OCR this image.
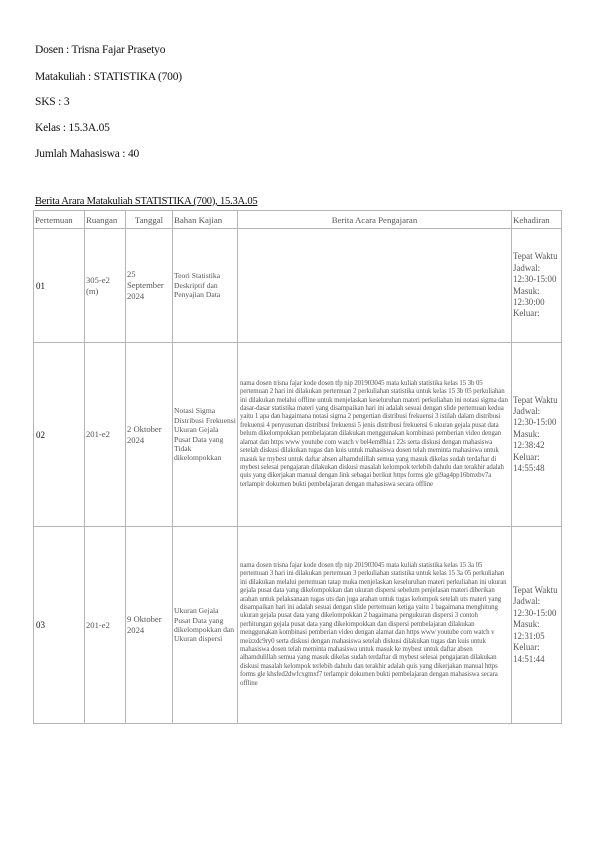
Dosen : Trisna Fajar Prasetyo
Matakuliah : STATISTIKA (700)
SKS : 3
Kelas : 15.3A.05
Jumlah Mahasiswa : 40
Berita Arara Matakuliah STATISTIKA (700), 15.3A.05
Pertemuan	Ruangan	Tanggal	Bahan Kajian	Berita Acara Pengajaran	Kehadiran
01	305-e2 (m)	25 September 2024	Teori Statistika Deskriptif dan Penyajian Data		Tepat Waktu Jadwal: 12:30-15:00 Masuk: 12:30:00 Keluar:
02	201-e2	2 Oktober 2024	Notasi Sigma Distribusi Frekuensi Ukuran Gejala Pusat Data yang Tidak dikelompokkan	nama dosen trisna fajar kode dosen tfp nip 201903045 mata kuliah statistika kelas 15 3b 05 pertemuan 2 hari ini dilakukan pertemuan 2 perkuliahan statistika untuk kelas 15 3b 05 perkuliahan ini dilakukan melalui offline untuk menjelaskan keseluruhan materi perkuliahan ini notasi sigma dan dasar-dasar statistika materi yang disampaikan hari ini adalah sesuai dengan slide pertemuan kedua yaitu 1 apa dan bagaimana notasi sigma 2 pengertian distribusi frekuensi 3 istilah dalam distribusi frekuensi 4 penyusunan distribusi frekuensi 5 jenis distribusi frekuensi 6 ukuran gejala pusat data belum dikelompokkan pembelajaran dilakukan menggunakan kombinasi pemberian video dengan alamat dan https www youtube com watch v bel4em8hia t 22s serta diskusi dengan mahasiswa setelah diskusi dilakukan tugas dan kuis untuk mahasiswa dosen telah meminta mahasiswa untuk masuk ke mybest untuk daftar absen alhamdulillah semua yang masuk dikelas sudah terdaftar di mybest selesai pengajaran dilakukan diskusi masalah kelompok terlebih dahulu dan terakhir adalah quis yang dikerjakan manual dengan link sebagai berikut https forms gle gi9ag4pp16bmxbv7a terlampir dokumen bukti pembelajaran dengan mahasiswa secara offline	Tepat Waktu Jadwal: 12:30-15:00 Masuk: 12:38:42 Keluar: 14:55:48
03	201-e2	9 Oktober 2024	Ukuran Gejala Pusat Data yang dikelompokkan dan Ukuran dispersi	nama dosen trisna fajar kode dosen tfp nip 201903045 mata kuliah statistika kelas 15 3a 05 pertemuan 3 hari ini dilakukan pertemuan 3 perkuliahan statistika untuk kelas 15 3a 05 perkuliahan ini dilakukan melalui pertemuan tatap muka menjelaskan keseluruhan materi perkuliahan ini ukuran gejala pusat data yang dikelompokkan dan ukuran dispersi sebelum penjelasan materi diberikan arahan untuk pelaksanaan tugas uts dan juga arahan untuk tugas kelompok setelah uts materi yang disampaikan hari ini adalah sesuai dengan slide pertemuan ketiga yaitu 1 bagaimana menghitung ukuran gejala pusat data yang dikelompokkan 2 bagaimana pengukuran dispersi 3 contoh perhitungan gejala pusat data yang dikelompokkan dan dispersi pembelajaran dilakukan menggunakan kombinasi pemberian video dengan alamat dan https www youtube com watch v meizzdc9ry0 serta diskusi dengan mahasiswa setelah diskusi dilakukan tugas dan kuis untuk mahasiswa dosen telah meminta mahasiswa untuk masuk ke mybest untuk daftar absen alhamdulillah semua yang masuk dikelas sudah terdaftar di mybest selesai pengajaran dilakukan diskusi masalah kelompok terlebih dahulu dan terakhir adalah quis yang dikerjakan manual https forms gle khsfed2dwfcxgmxf7 terlampir dokumen bukti pembelajaran dengan mahasiswa secara offline	Tepat Waktu Jadwal: 12:30-15:00 Masuk: 12:31:05 Keluar: 14:51:44
